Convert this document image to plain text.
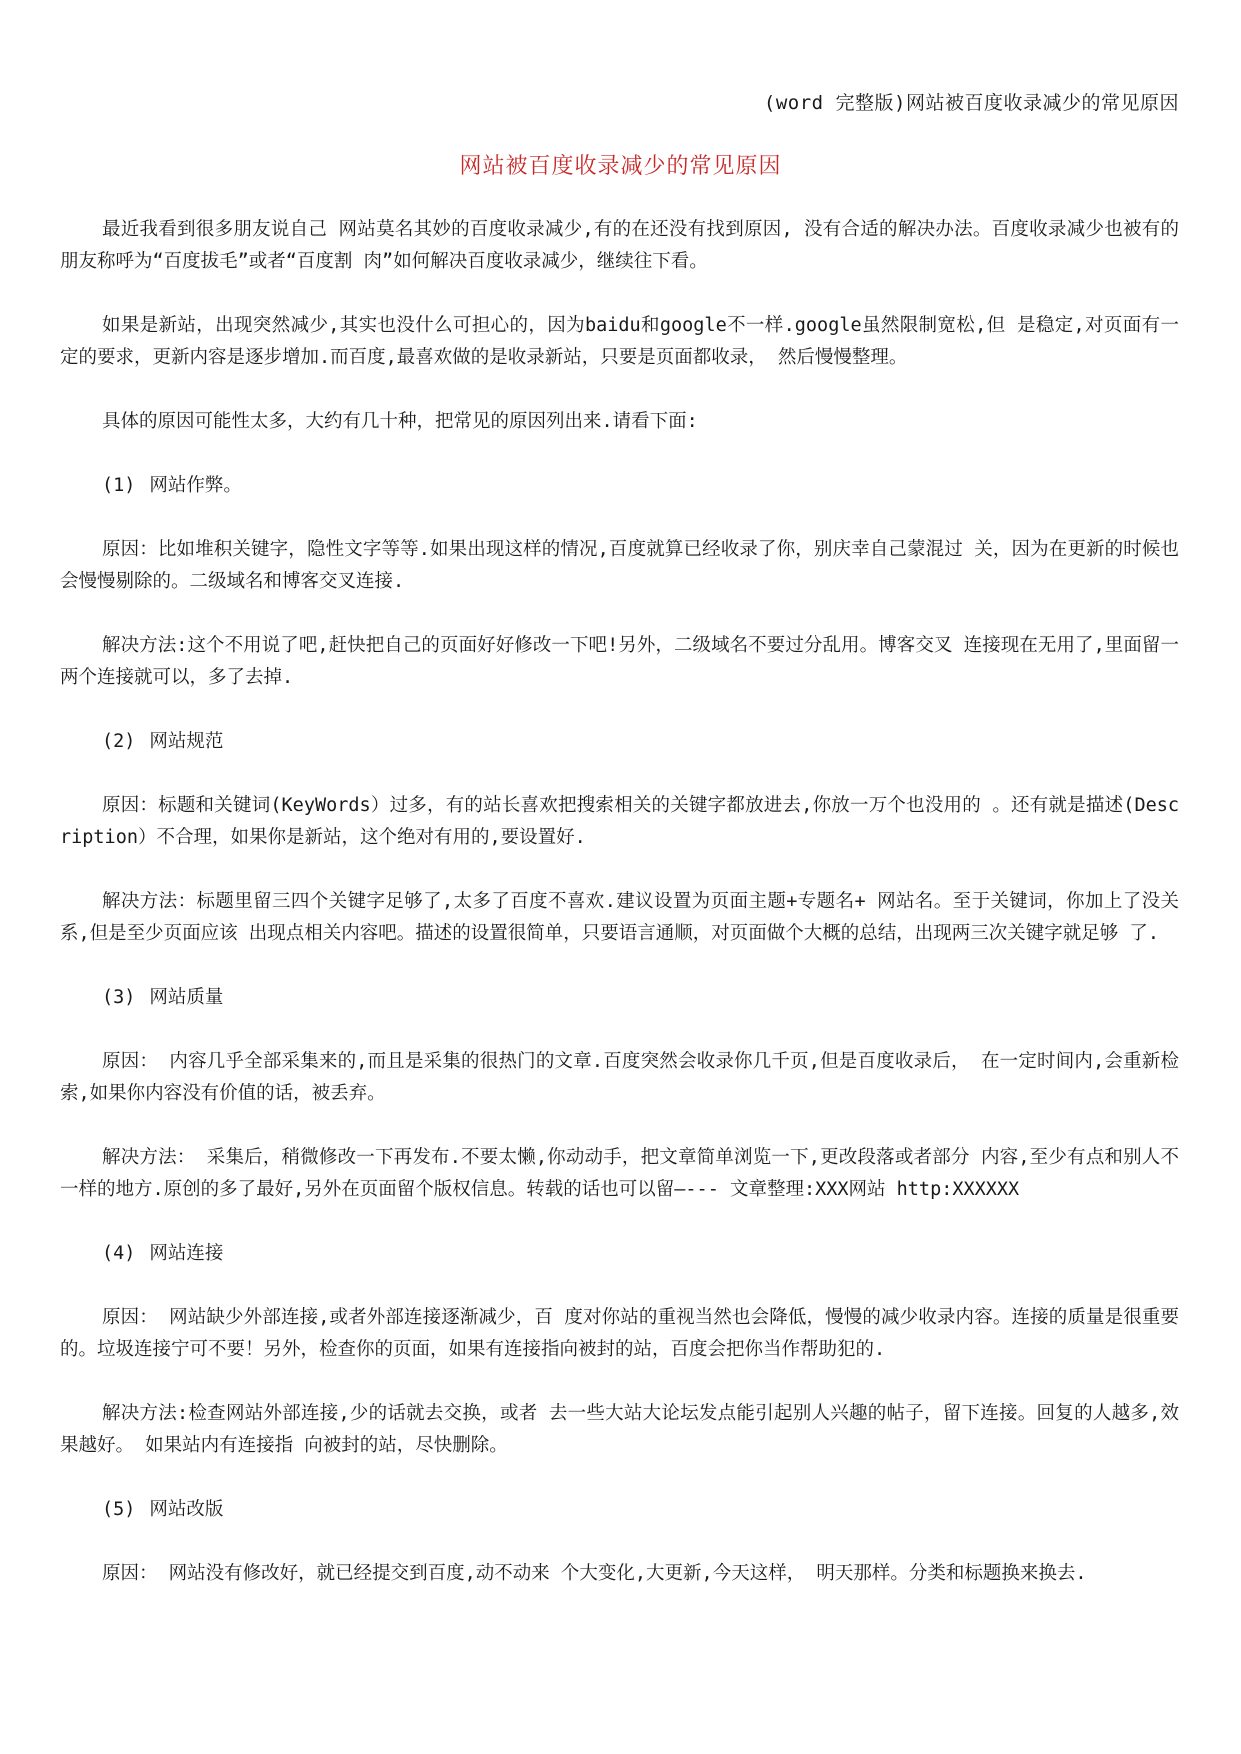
(word 完整版)网站被百度收录减少的常见原因
网站被百度收录减少的常见原因

最近我看到很多朋友说自己 网站莫名其妙的百度收录减少,有的在还没有找到原因, 没有合适的解决办法。百度收录减少也被有的朋友称呼为“百度拔毛”或者“百度割 肉”如何解决百度收录减少，继续往下看。

如果是新站，出现突然减少,其实也没什么可担心的，因为baidu和google不一样.google虽然限制宽松,但 是稳定,对页面有一定的要求，更新内容是逐步增加.而百度,最喜欢做的是收录新站，只要是页面都收录， 然后慢慢整理。

具体的原因可能性太多，大约有几十种，把常见的原因列出来.请看下面:

(1) 网站作弊。

原因：比如堆积关键字，隐性文字等等.如果出现这样的情况,百度就算已经收录了你，别庆幸自己蒙混过 关，因为在更新的时候也会慢慢剔除的。二级域名和博客交叉连接.

解决方法:这个不用说了吧,赶快把自己的页面好好修改一下吧!另外，二级域名不要过分乱用。博客交叉 连接现在无用了,里面留一两个连接就可以，多了去掉.

(2) 网站规范

原因：标题和关键词(KeyWords）过多，有的站长喜欢把搜索相关的关键字都放进去,你放一万个也没用的 。还有就是描述(Description）不合理，如果你是新站，这个绝对有用的,要设置好.

解决方法：标题里留三四个关键字足够了,太多了百度不喜欢.建议设置为页面主题+专题名+ 网站名。至于关键词，你加上了没关系,但是至少页面应该 出现点相关内容吧。描述的设置很简单，只要语言通顺，对页面做个大概的总结，出现两三次关键字就足够 了.

(3) 网站质量

原因： 内容几乎全部采集来的,而且是采集的很热门的文章.百度突然会收录你几千页,但是百度收录后， 在一定时间内,会重新检索,如果你内容没有价值的话，被丢弃。

解决方法： 采集后，稍微修改一下再发布.不要太懒,你动动手，把文章简单浏览一下,更改段落或者部分 内容,至少有点和别人不一样的地方.原创的多了最好,另外在页面留个版权信息。转载的话也可以留—--- 文章整理:XXX网站 http:XXXXXX

(4) 网站连接

原因： 网站缺少外部连接,或者外部连接逐渐减少，百 度对你站的重视当然也会降低，慢慢的减少收录内容。连接的质量是很重要的。垃圾连接宁可不要！另外，检查你的页面，如果有连接指向被封的站，百度会把你当作帮助犯的.

解决方法:检查网站外部连接,少的话就去交换，或者 去一些大站大论坛发点能引起别人兴趣的帖子，留下连接。回复的人越多,效果越好。 如果站内有连接指 向被封的站，尽快删除。

(5) 网站改版

原因： 网站没有修改好，就已经提交到百度,动不动来 个大变化,大更新,今天这样， 明天那样。分类和标题换来换去.
